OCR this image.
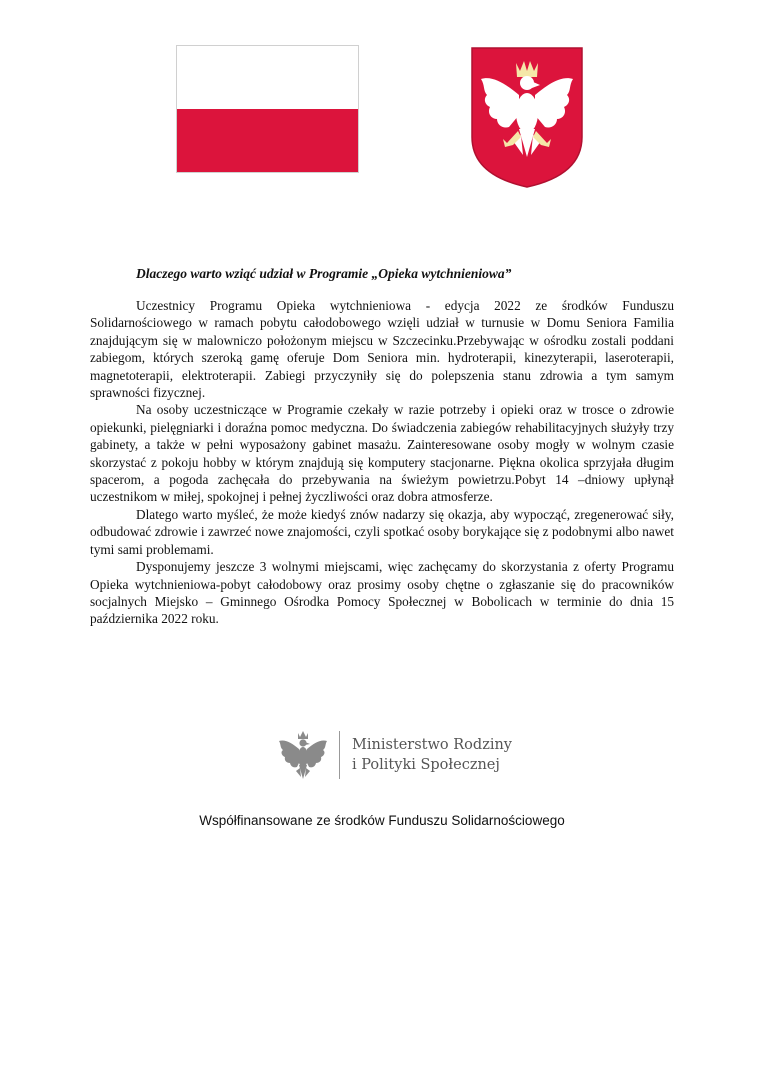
Dlaczego warto wziąć udział w Programie „Opieka wytchnieniowa”

Uczestnicy Programu Opieka wytchnieniowa - edycja 2022 ze środków Funduszu Solidarnościowego w ramach pobytu całodobowego wzięli udział w turnusie w Domu Seniora Familia znajdującym się w malowniczo położonym miejscu w Szczecinku.Przebywając w ośrodku zostali poddani zabiegom, których szeroką gamę oferuje Dom Seniora min. hydroterapii, kinezyterapii, laseroterapii, magnetoterapii, elektroterapii. Zabiegi przyczyniły się do polepszenia stanu zdrowia a tym samym sprawności fizycznej.

Na osoby uczestniczące w Programie czekały w razie potrzeby i opieki oraz w trosce o zdrowie opiekunki, pielęgniarki i doraźna pomoc medyczna. Do świadczenia zabiegów rehabilitacyjnych służyły trzy gabinety, a także w pełni wyposażony gabinet masażu. Zainteresowane osoby mogły w wolnym czasie skorzystać z pokoju hobby w którym znajdują się komputery stacjonarne. Piękna okolica sprzyjała długim spacerom, a pogoda zachęcała do przebywania na świeżym powietrzu.Pobyt 14 –dniowy upłynął uczestnikom w miłej, spokojnej i pełnej życzliwości oraz dobra atmosferze.

Dlatego warto myśleć, że może kiedyś znów nadarzy się okazja, aby wypocząć, zregenerować siły, odbudować zdrowie i zawrzeć nowe znajomości, czyli spotkać osoby borykające się z podobnymi albo nawet tymi sami problemami.

Dysponujemy jeszcze 3 wolnymi miejscami, więc zachęcamy do skorzystania z oferty Programu Opieka wytchnieniowa-pobyt całodobowy oraz prosimy osoby chętne o zgłaszanie się do pracowników socjalnych Miejsko – Gminnego Ośrodka Pomocy Społecznej w Bobolicach w terminie do dnia 15 października 2022 roku.

Ministerstwo Rodziny
i Polityki Społecznej
Współfinansowane ze środków Funduszu Solidarnościowego
